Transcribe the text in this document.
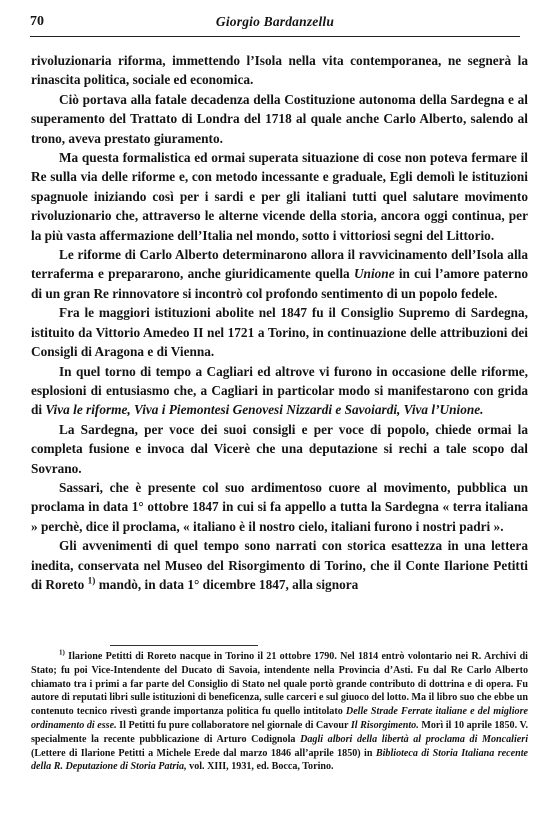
70	Giorgio Bardanzellu

rivoluzionaria riforma, immettendo l’Isola nella vita contemporanea, ne segnerà la rinascita politica, sociale ed economica.

Ciò portava alla fatale decadenza della Costituzione autonoma della Sardegna e al superamento del Trattato di Londra del 1718 al quale anche Carlo Alberto, salendo al trono, aveva prestato giuramento.

Ma questa formalistica ed ormai superata situazione di cose non poteva fermare il Re sulla via delle riforme e, con metodo incessante e graduale, Egli demolì le istituzioni spagnuole iniziando così per i sardi e per gli italiani tutti quel salutare movimento rivoluzionario che, attraverso le alterne vicende della storia, ancora oggi continua, per la più vasta affermazione dell’Italia nel mondo, sotto i vittoriosi segni del Littorio.

Le riforme di Carlo Alberto determinarono allora il ravvicinamento dell’Isola alla terraferma e prepararono, anche giuridicamente quella Unione in cui l’amore paterno di un gran Re rinnovatore si incontrò col profondo sentimento di un popolo fedele.

Fra le maggiori istituzioni abolite nel 1847 fu il Consiglio Supremo di Sardegna, istituito da Vittorio Amedeo II nel 1721 a Torino, in continuazione delle attribuzioni dei Consigli di Aragona e di Vienna.

In quel torno di tempo a Cagliari ed altrove vi furono in occasione delle riforme, esplosioni di entusiasmo che, a Cagliari in particolar modo si manifestarono con grida di Viva le riforme, Viva i Piemontesi Genovesi Nizzardi e Savoiardi, Viva l’Unione.

La Sardegna, per voce dei suoi consigli e per voce di popolo, chiede ormai la completa fusione e invoca dal Vicerè che una deputazione si rechi a tale scopo dal Sovrano.

Sassari, che è presente col suo ardimentoso cuore al movimento, pubblica un proclama in data 1° ottobre 1847 in cui si fa appello a tutta la Sardegna « terra italiana » perchè, dice il proclama, « italiano è il nostro cielo, italiani furono i nostri padri ».

Gli avvenimenti di quel tempo sono narrati con storica esattezza in una lettera inedita, conservata nel Museo del Risorgimento di Torino, che il Conte Ilarione Petitti di Roreto $^{1)}$ mandò, in data 1° dicembre 1847, alla signora

$^{1)}$ Ilarione Petitti di Roreto nacque in Torino il 21 ottobre 1790. Nel 1814 entrò volontario nei R. Archivi di Stato; fu poi Vice-Intendente del Ducato di Savoia, intendente nella Provincia d’Asti. Fu dal Re Carlo Alberto chiamato tra i primi a far parte del Consiglio di Stato nel quale portò grande contributo di dottrina e di opera. Fu autore di reputati libri sulle istituzioni di beneficenza, sulle carceri e sul giuoco del lotto. Ma il libro suo che ebbe un contenuto tecnico rivestì grande importanza politica fu quello intitolato Delle Strade Ferrate italiane e del migliore ordinamento di esse. Il Petitti fu pure collaboratore nel giornale di Cavour Il Risorgimento. Morì il 10 aprile 1850. V. specialmente la recente pubblicazione di Arturo Codignola Dagli albori della libertà al proclama di Moncalieri (Lettere di Ilarione Petitti a Michele Erede dal marzo 1846 all’aprile 1850) in Biblioteca di Storia Italiana recente della R. Deputazione di Storia Patria, vol. XIII, 1931, ed. Bocca, Torino.
